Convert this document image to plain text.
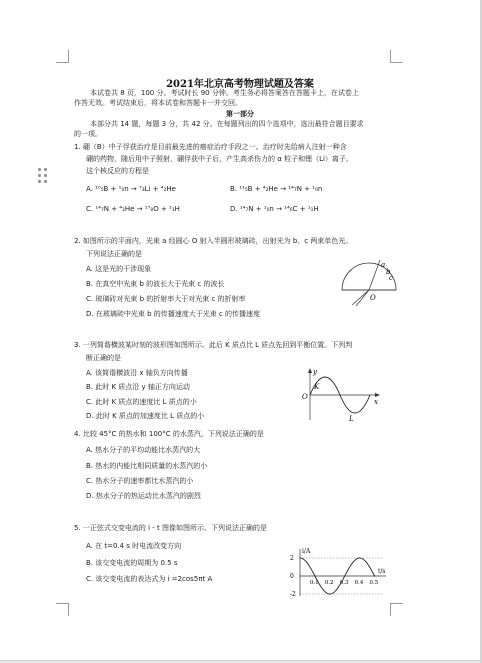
2021年北京高考物理试题及答案
本试卷共 8 页，100 分。考试时长 90 分钟。考生务必将答案答在答题卡上，在试卷上
作答无效。考试结束后，将本试卷和答题卡一并交回。
第一部分
本部分共 14 题，每题 3 分，共 42 分。在每题列出的四个选项中，选出最符合题目要求
的一项。
1. 硼（B）中子俘获治疗是目前最先进的癌症治疗手段之一。治疗时先给病人注射一种含
硼的药物，随后用中子照射，硼俘获中子后，产生高杀伤力的 α 粒子和锂（Li）离子。
这个核反应的方程是
A. ¹⁰₅B + ¹₀n → ⁷₃Li + ⁴₂He	B. ¹¹₅B + ⁴₂He → ¹⁴₇N + ¹₀n
C. ¹⁴₇N + ⁴₂He → ¹⁷₈O + ¹₁H	D. ¹⁴₇N + ¹₀n → ¹⁴₆C + ¹₁H
2. 如图所示的平面内，光束 a 经圆心 O 射入半圆形玻璃砖，出射光为 b、c 两束单色光。
下列说法正确的是
A. 这是光的干涉现象
B. 在真空中光束 b 的波长大于光束 c 的波长
C. 玻璃砖对光束 b 的折射率大于对光束 c 的折射率
D. 在玻璃砖中光束 b 的传播速度大于光束 c 的传播速度
a
b
c
O
3. 一列简谐横波某时刻的波形图如图所示。此后 K 质点比 L 质点先回到平衡位置。下列判
断正确的是
A. 该简谐横波沿 x 轴负方向传播
B. 此时 K 质点沿 y 轴正方向运动
C. 此时 K 质点的速度比 L 质点的小
D. 此时 K 质点的加速度比 L 质点的小
y
x
O
K
L
4. 比较 45°C 的热水和 100°C 的水蒸汽，下列说法正确的是
A. 热水分子的平均动能比水蒸汽的大
B. 热水的内能比相同质量的水蒸汽的小
C. 热水分子的速率都比水蒸汽的小
D. 热水分子的热运动比水蒸汽的剧烈
5. 一正弦式交变电流的 i - t 图像如图所示。下列说法正确的是
A. 在 t=0.4 s 时电流改变方向
B. 该交变电流的周期为 0.5 s
C. 该交变电流的表达式为 i =2cos5πt A
i/A
t/s
2
0
-2
0.1 0.2 0.3 0.4 0.5
